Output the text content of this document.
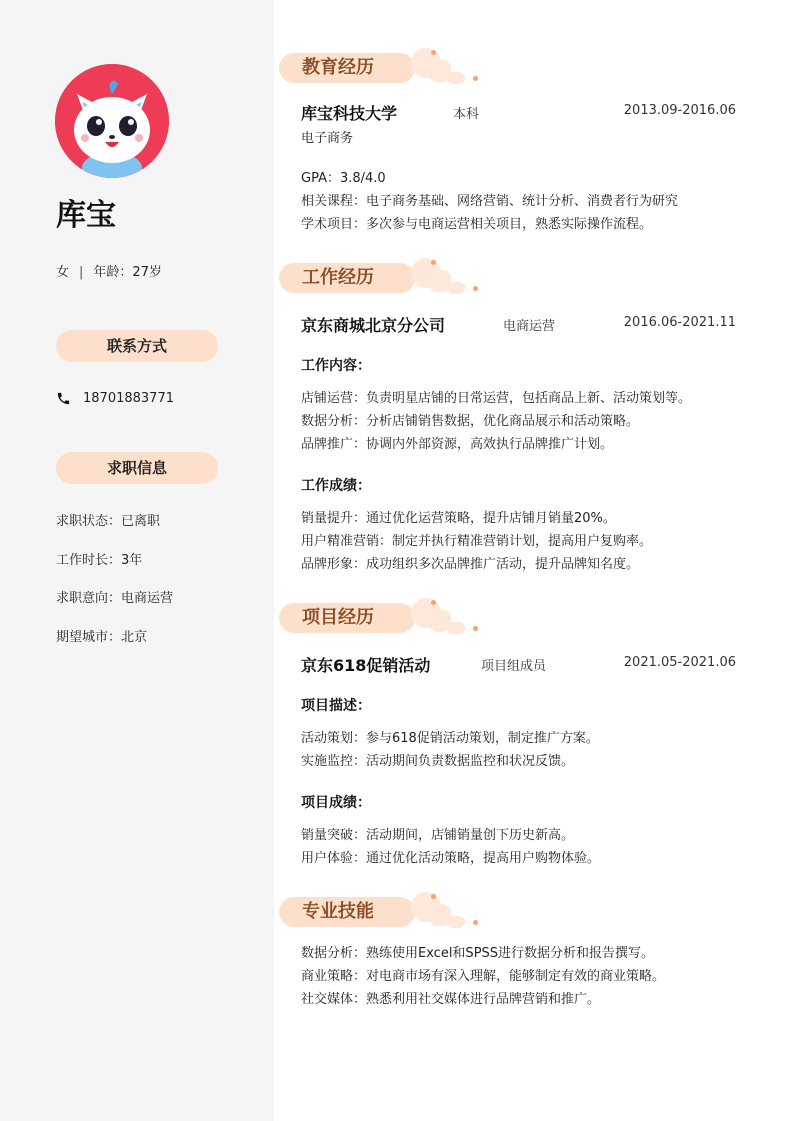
库宝
女 | 年龄：27岁
联系方式
18701883771
求职信息
求职状态：已离职
工作时长：3年
求职意向：电商运营
期望城市：北京
教育经历
库宝科技大学	本科	2013.09-2016.06
电子商务
GPA：3.8/4.0
相关课程：电子商务基础、网络营销、统计分析、消费者行为研究
学术项目：多次参与电商运营相关项目，熟悉实际操作流程。
工作经历
京东商城北京分公司	电商运营	2016.06-2021.11
工作内容：
店铺运营：负责明星店铺的日常运营，包括商品上新、活动策划等。
数据分析：分析店铺销售数据，优化商品展示和活动策略。
品牌推广：协调内外部资源，高效执行品牌推广计划。
工作成绩：
销量提升：通过优化运营策略，提升店铺月销量20%。
用户精准营销：制定并执行精准营销计划，提高用户复购率。
品牌形象：成功组织多次品牌推广活动，提升品牌知名度。
项目经历
京东618促销活动	项目组成员	2021.05-2021.06
项目描述：
活动策划：参与618促销活动策划，制定推广方案。
实施监控：活动期间负责数据监控和状况反馈。
项目成绩：
销量突破：活动期间，店铺销量创下历史新高。
用户体验：通过优化活动策略，提高用户购物体验。
专业技能
数据分析：熟练使用Excel和SPSS进行数据分析和报告撰写。
商业策略：对电商市场有深入理解，能够制定有效的商业策略。
社交媒体：熟悉利用社交媒体进行品牌营销和推广。
